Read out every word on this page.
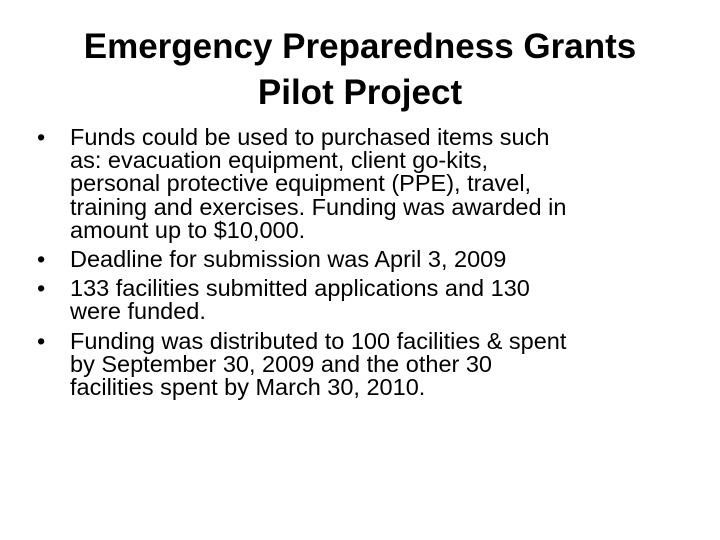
Emergency Preparedness Grants
Pilot Project
•	Funds could be used to purchased items such
as: evacuation equipment, client go-kits,
personal protective equipment (PPE), travel,
training and exercises. Funding was awarded in
amount up to $10,000.
•	Deadline for submission was April 3, 2009
•	133 facilities submitted applications and 130
were funded.
•	Funding was distributed to 100 facilities & spent
by September 30, 2009 and the other 30
facilities spent by March 30, 2010.
